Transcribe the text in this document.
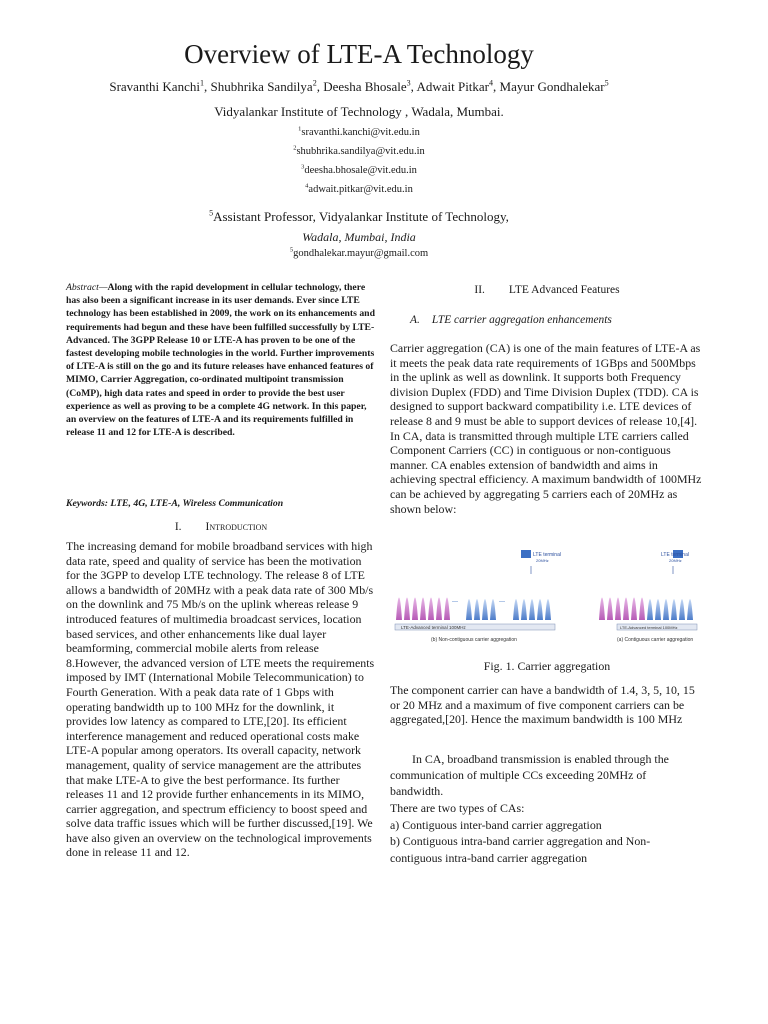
Overview of LTE-A Technology
Sravanthi Kanchi$^1$, Shubhrika Sandilya$^2$, Deesha Bhosale$^3$, Adwait Pitkar$^4$, Mayur Gondhalekar$^5$
Vidyalankar Institute of Technology , Wadala, Mumbai.
$^1$sravanthi.kanchi@vit.edu.in
$^2$shubhrika.sandilya@vit.edu.in
$^3$deesha.bhosale@vit.edu.in
$^4$adwait.pitkar@vit.edu.in
$^5$Assistant Professor, Vidyalankar Institute of Technology,
Wadala, Mumbai, India
$^5$gondhalekar.mayur@gmail.com
Abstract—Along with the rapid development in cellular technology, there has also been a significant increase in its user demands. Ever since LTE technology has been established in 2009, the work on its enhancements and requirements had begun and these have been fulfilled successfully by LTE-Advanced. The 3GPP Release 10 or LTE-A has proven to be one of the fastest developing mobile technologies in the world. Further improvements of LTE-A is still on the go and its future releases have enhanced features of MIMO, Carrier Aggregation, co-ordinated multipoint transmission (CoMP), high data rates and speed in order to provide the best user experience as well as proving to be a complete 4G network. In this paper, an overview on the features of LTE-A and its requirements fulfilled in release 11 and 12 for LTE-A is described.
Keywords: LTE, 4G, LTE-A, Wireless Communication
I. Introduction
The increasing demand for mobile broadband services with high data rate, speed and quality of service has been the motivation for the 3GPP to develop LTE technology. The release 8 of LTE allows a bandwidth of 20MHz with a peak data rate of 300 Mb/s on the downlink and 75 Mb/s on the uplink whereas release 9 introduced features of multimedia broadcast services, location based services, and other enhancements like dual layer beamforming, commercial mobile alerts from release 8.However, the advanced version of LTE meets the requirements imposed by IMT (International Mobile Telecommunication) to Fourth Generation. With a peak data rate of 1 Gbps with operating bandwidth up to 100 MHz for the downlink, it provides low latency as compared to LTE,[20]. Its efficient interference management and reduced operational costs make LTE-A popular among operators. Its overall capacity, network management, quality of service management are the attributes that make LTE-A to give the best performance. Its further releases 11 and 12 provide further enhancements in its MIMO, carrier aggregation, and spectrum efficiency to boost speed and solve data traffic issues which will be further discussed,[19]. We have also given an overview on the technological improvements done in release 11 and 12.
II. LTE Advanced Features
A. LTE carrier aggregation enhancements
Carrier aggregation (CA) is one of the main features of LTE-A as it meets the peak data rate requirements of 1GBps and 500Mbps in the uplink as well as downlink. It supports both Frequency division Duplex (FDD) and Time Division Duplex (TDD). CA is designed to support backward compatibility i.e. LTE devices of release 8 and 9 must be able to support devices of release 10,[4]. In CA, data is transmitted through multiple LTE carriers called Component Carriers (CC) in contiguous or non-contiguous manner. CA enables extension of bandwidth and aims in achieving spectral efficiency. A maximum bandwidth of 100MHz can be achieved by aggregating 5 carriers each of 20MHz as shown below:
LTE terminal
20MHz
...	...
LTE-Advanced terminal 100MHz
(b) Non-contiguous carrier aggregation
LTE terminal
20MHz
LTE-Advanced terminal 100MHz
(a) Contiguous carrier aggregation
Fig. 1. Carrier aggregation
The component carrier can have a bandwidth of 1.4, 3, 5, 10, 15 or 20 MHz and a maximum of five component carriers can be aggregated,[20]. Hence the maximum bandwidth is 100 MHz
In CA, broadband transmission is enabled through the communication of multiple CCs exceeding 20MHz of bandwidth.
There are two types of CAs:
a) Contiguous inter-band carrier aggregation
b) Contiguous intra-band carrier aggregation and Non-contiguous intra-band carrier aggregation
